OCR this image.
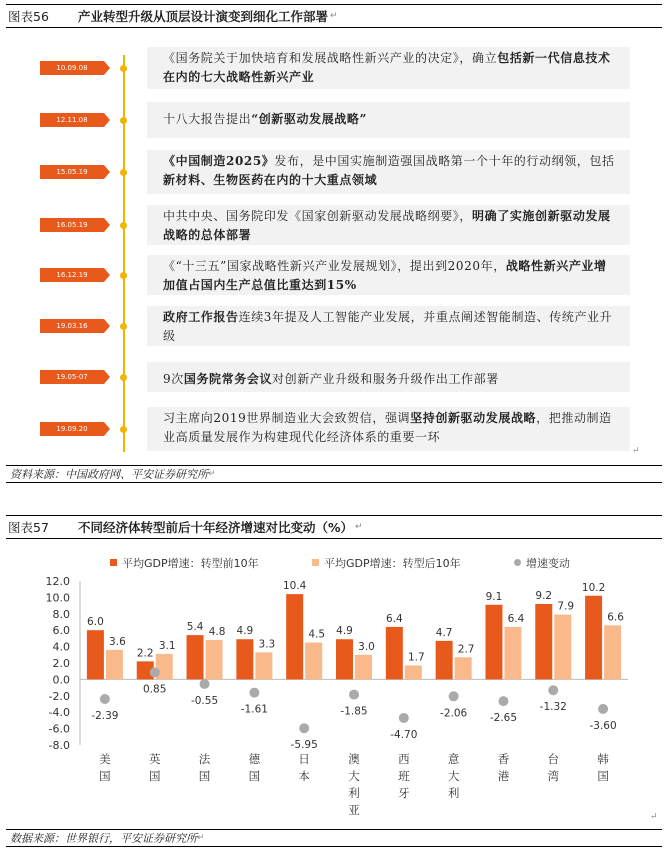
图表56	产业转型升级从顶层设计演变到细化工作部署 ↵
10.09.08
《国务院关于加快培育和发展战略性新兴产业的决定》，确立包括新一代信息技术在内的七大战略性新兴产业
12.11.08	十八大报告提出“创新驱动发展战略”
15.05.19
《中国制造2025》发布，是中国实施制造强国战略第一个十年的行动纲领，包括新材料、生物医药在内的十大重点领域
16.05.19
中共中央、国务院印发《国家创新驱动发展战略纲要》，明确了实施创新驱动发展战略的总体部署
16.12.19
《“十三五”国家战略性新兴产业发展规划》，提出到2020年，战略性新兴产业增加值占国内生产总值比重达到15%
19.03.16
政府工作报告连续3年提及人工智能产业发展，并重点阐述智能制造、传统产业升级
19.05-07	9次国务院常务会议对创新产业升级和服务升级作出工作部署
19.09.20
习主席向2019世界制造业大会致贺信，强调坚持创新驱动发展战略，把推动制造业高质量发展作为构建现代化经济体系的重要一环
↵
资料来源：中国政府网、平安证券研究所 ↵
图表57	不同经济体转型前后十年经济增速对比变动（%） ↵
12.0
10.0
8.0
6.0
4.0
2.0
0.0
-2.0
-4.0
-6.0
-8.0
6.0
3.6
-2.39
美
国
2.2
3.1
0.85
英
国
5.4 4.8
-0.55
法
国
4.9
3.3
-1.61
德
国
10.4
4.5
-5.95
日
本
4.9
3.0
-1.85
澳
大
利
亚
6.4
1.7
-4.70
西
班
牙
4.7
2.7
-2.06
意
大
利
9.1
6.4
-2.65
香
港
9.2
7.9
-1.32
台
湾
10.2
6.6
-3.60
韩
国
平均GDP增速：转型前10年	平均GDP增速：转型后10年	增速变动
↵
数据来源：世界银行，平安证券研究所 ↵
